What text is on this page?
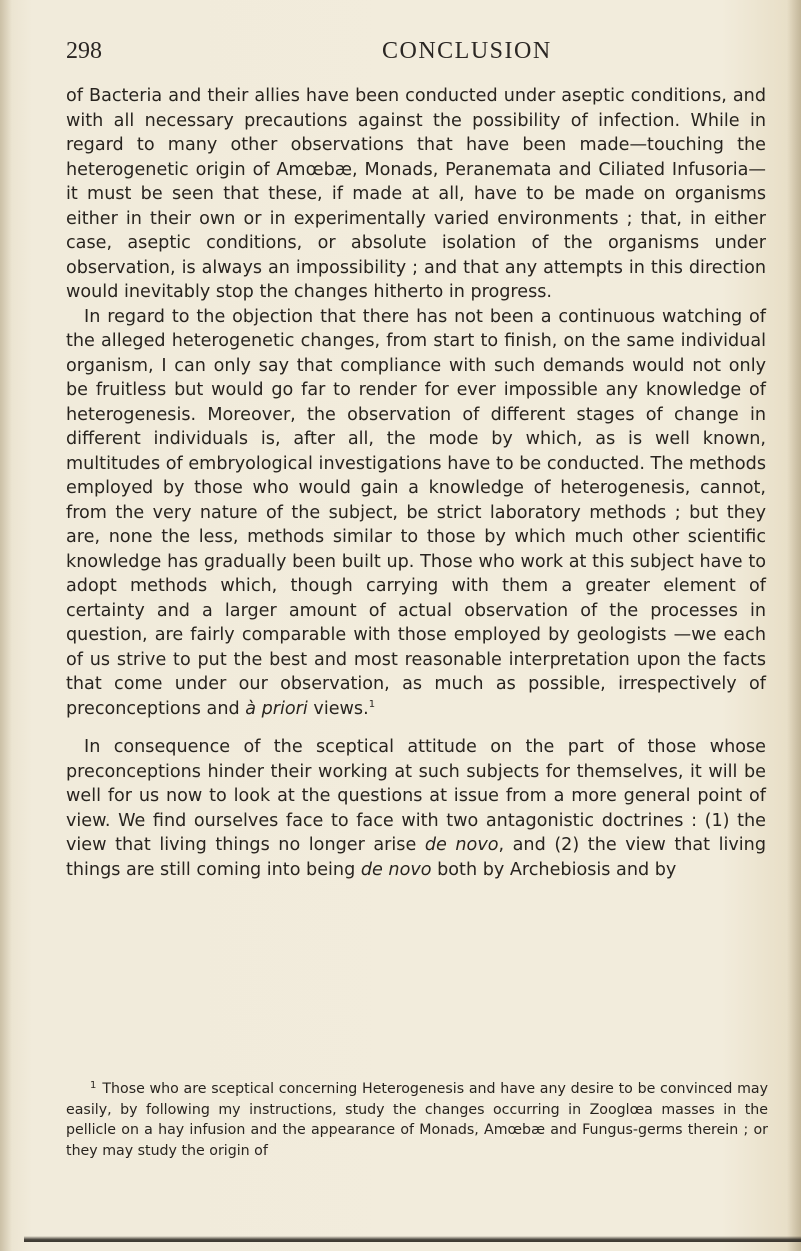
298	CONCLUSION

of Bacteria and their allies have been conducted under aseptic conditions, and with all necessary precautions against the possibility of infection. While in regard to many other observations that have been made—touching the heterogenetic origin of Amœbæ, Monads, Peranemata and Ciliated Infusoria—it must be seen that these, if made at all, have to be made on organisms either in their own or in experimentally varied environments ; that, in either case, aseptic conditions, or absolute isolation of the organisms under observation, is always an impossibility ; and that any attempts in this direction would inevitably stop the changes hitherto in progress.

In regard to the objection that there has not been a continuous watching of the alleged heterogenetic changes, from start to finish, on the same individual organism, I can only say that compliance with such demands would not only be fruitless but would go far to render for ever impossible any knowledge of heterogenesis. Moreover, the observation of different stages of change in different individuals is, after all, the mode by which, as is well known, multitudes of embryological investigations have to be conducted. The methods employed by those who would gain a knowledge of heterogenesis, cannot, from the very nature of the subject, be strict laboratory methods ; but they are, none the less, methods similar to those by which much other scientific knowledge has gradually been built up. Those who work at this subject have to adopt methods which, though carrying with them a greater element of certainty and a larger amount of actual observation of the processes in question, are fairly comparable with those employed by geologists —we each of us strive to put the best and most reasonable interpretation upon the facts that come under our observation, as much as possible, irrespectively of preconceptions and à priori views.$^1$

In consequence of the sceptical attitude on the part of those whose preconceptions hinder their working at such subjects for themselves, it will be well for us now to look at the questions at issue from a more general point of view. We find ourselves face to face with two antagonistic doctrines : (1) the view that living things no longer arise de novo, and (2) the view that living things are still coming into being de novo both by Archebiosis and by

$^1$ Those who are sceptical concerning Heterogenesis and have any desire to be convinced may easily, by following my instructions, study the changes occurring in Zooglœa masses in the pellicle on a hay infusion and the appearance of Monads, Amœbæ and Fungus-germs therein ; or they may study the origin of
